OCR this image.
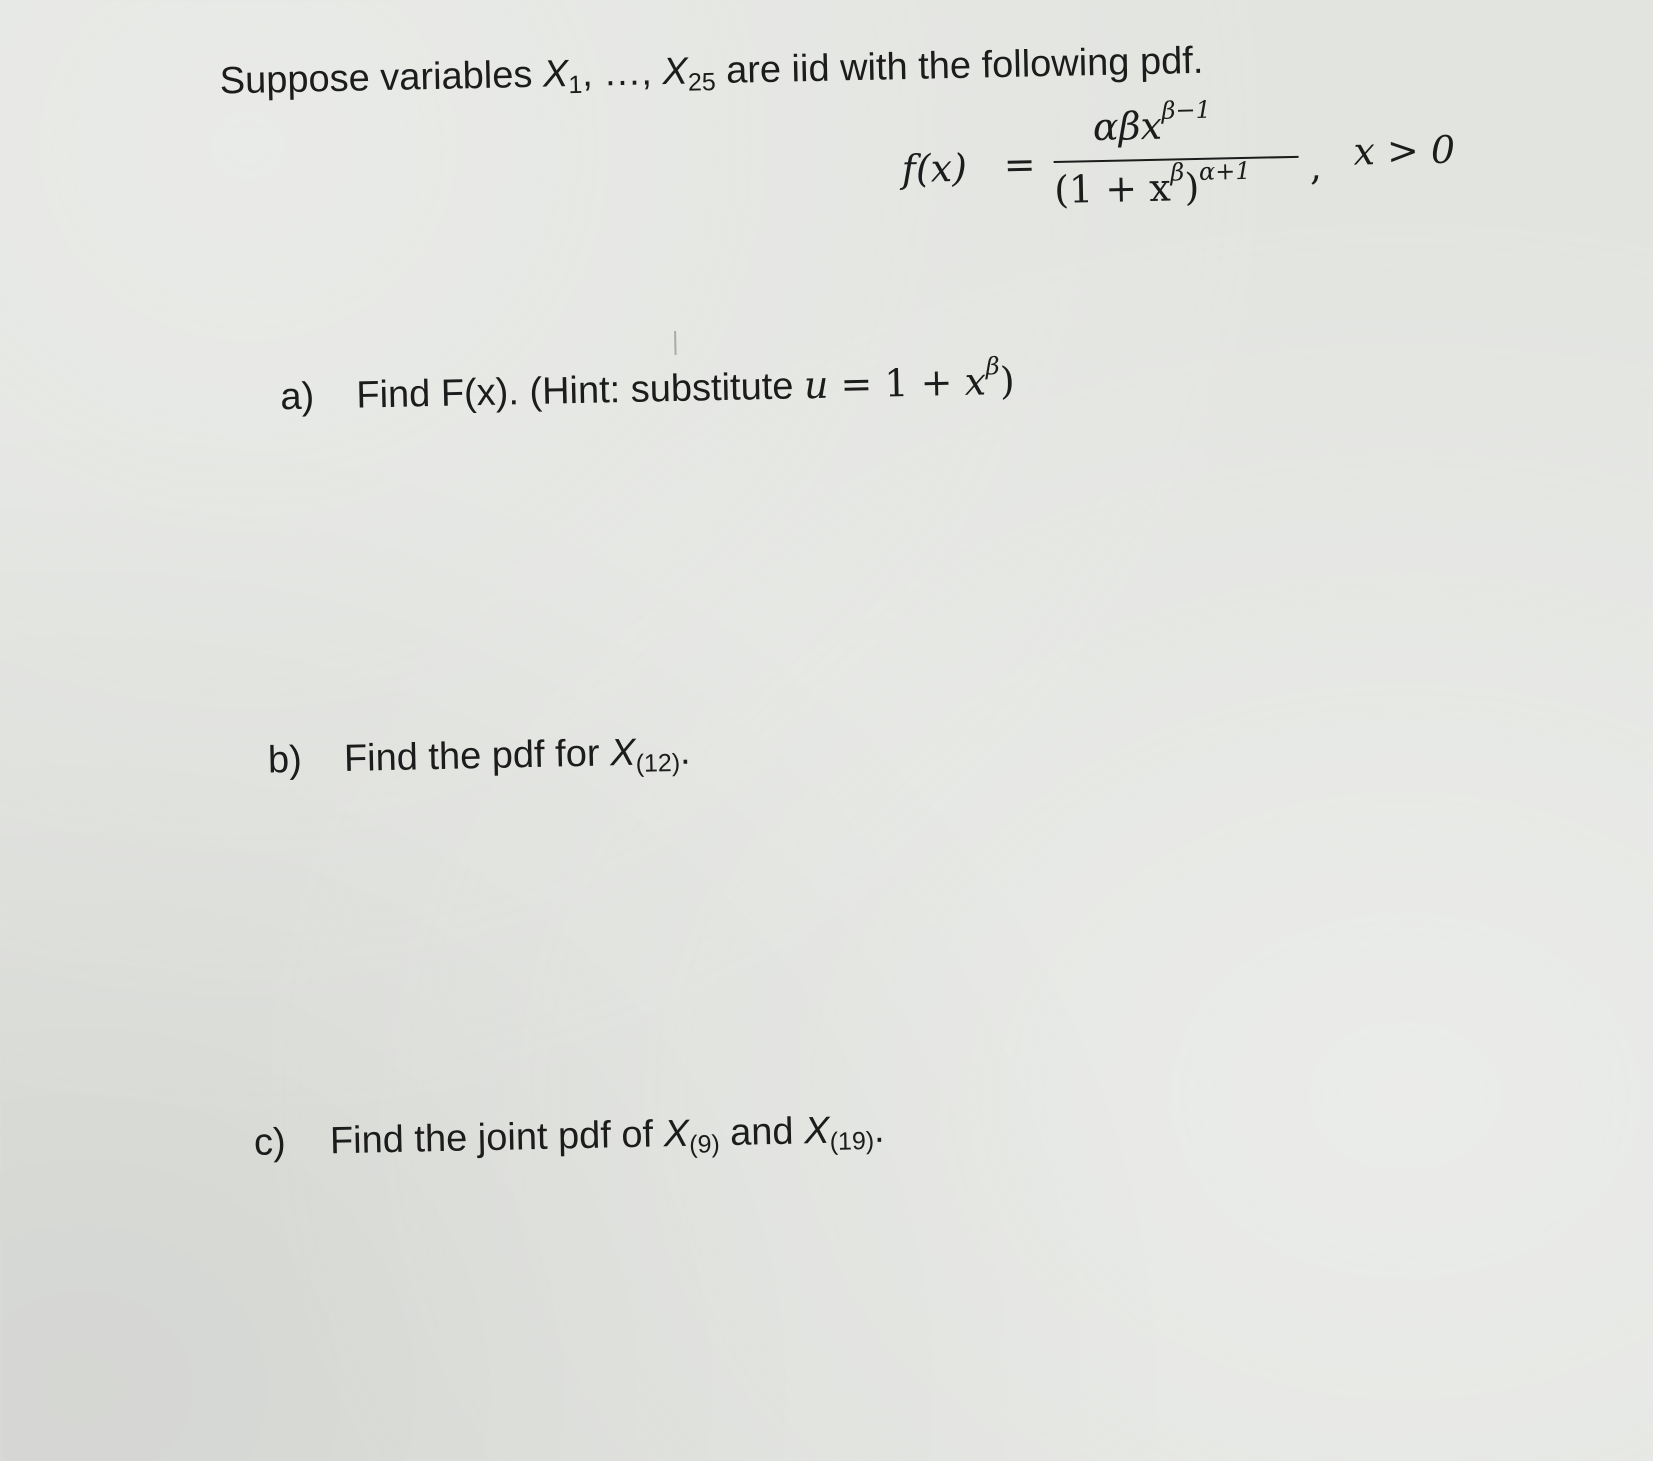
Suppose variables $X_1$, …, $X_{25}$ are iid with the following pdf.
f(x) =
αβx$^{\beta-1}$
$(1 + x^\beta)^{\alpha+1}$ , x > 0
a) Find F(x). (Hint: substitute $u = 1 + x^\beta$)
b) Find the pdf for $X_{(12)}$.
c) Find the joint pdf of $X_{(9)}$ and $X_{(19)}$.
